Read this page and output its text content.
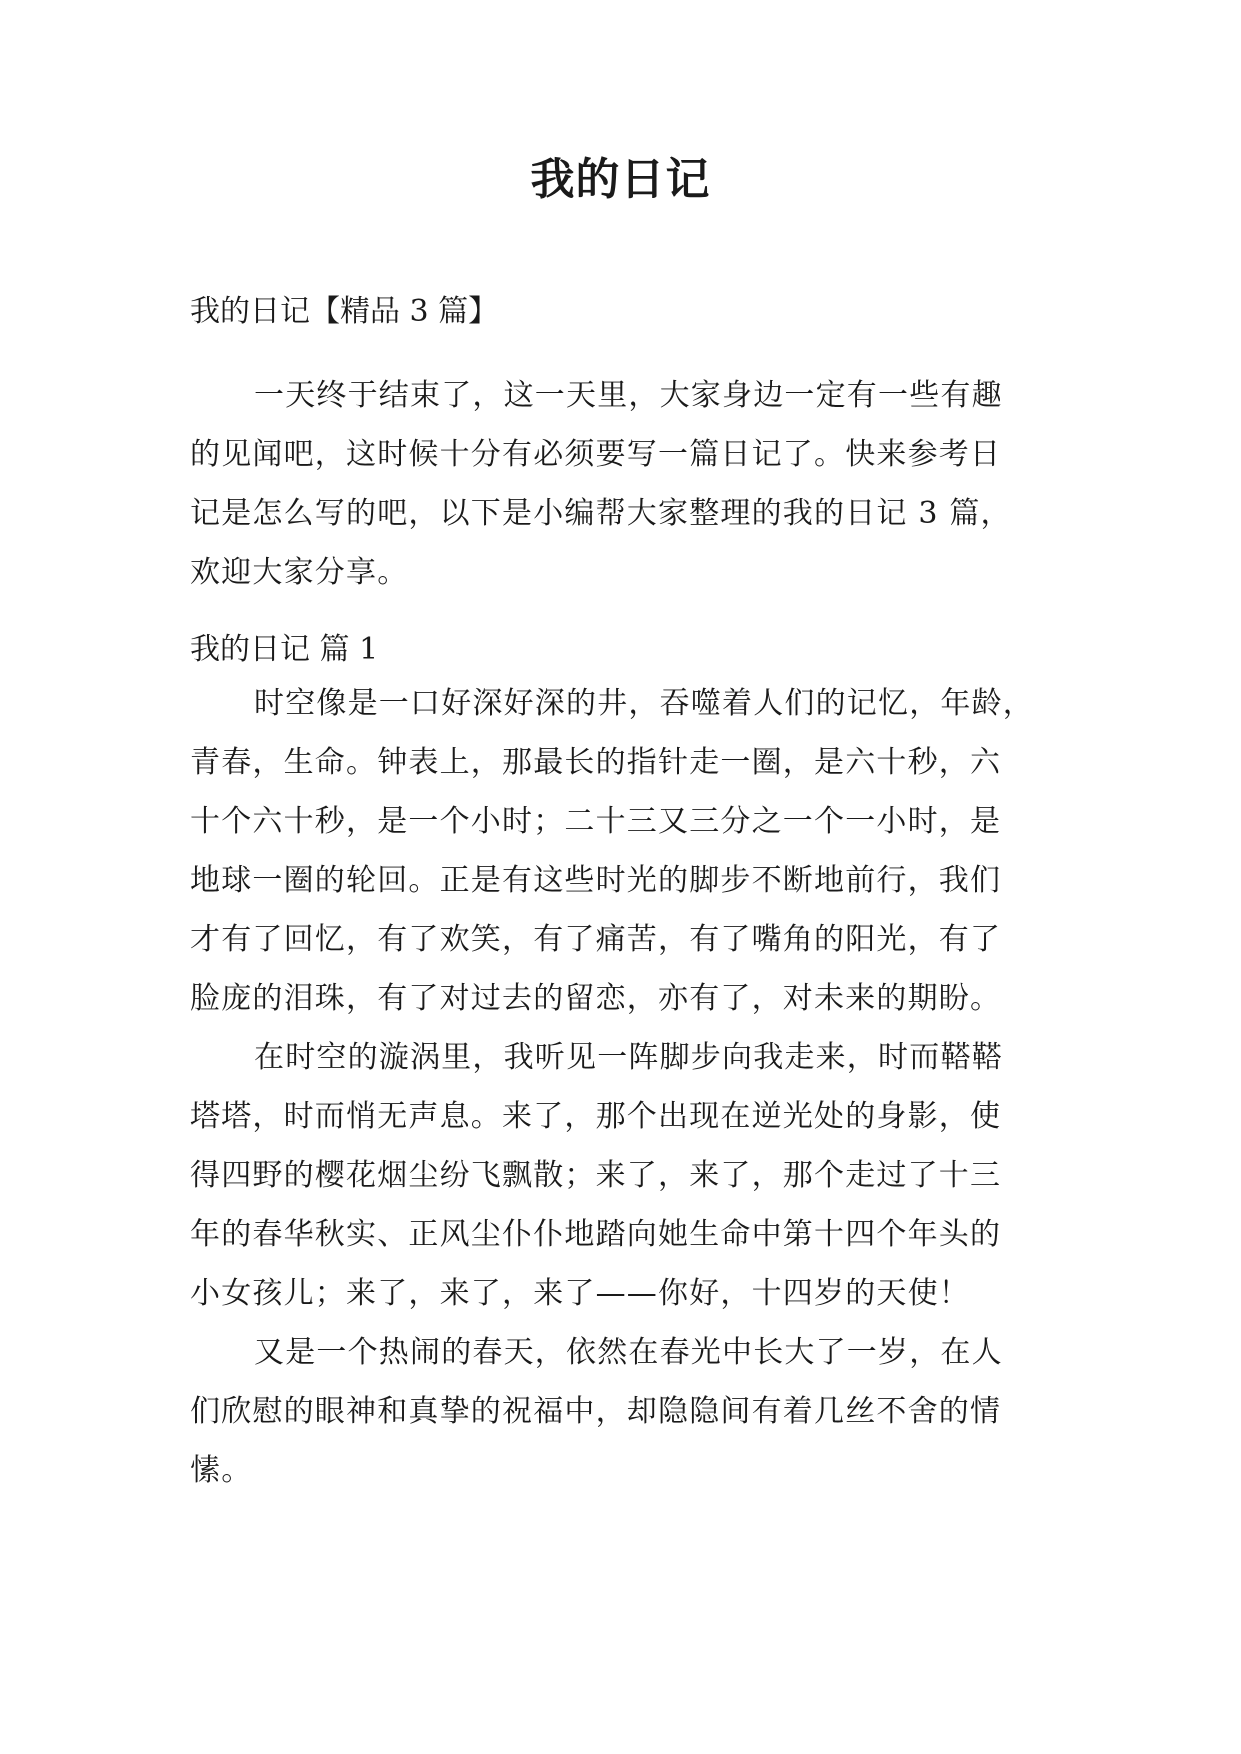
我的日记
我的日记【精品 3 篇】
一天终于结束了，这一天里，大家身边一定有一些有趣
的见闻吧，这时候十分有必须要写一篇日记了。快来参考日
记是怎么写的吧，以下是小编帮大家整理的我的日记 3 篇，
欢迎大家分享。
我的日记 篇 1
时空像是一口好深好深的井，吞噬着人们的记忆，年龄，
青春，生命。钟表上，那最长的指针走一圈，是六十秒，六
十个六十秒，是一个小时；二十三又三分之一个一小时，是
地球一圈的轮回。正是有这些时光的脚步不断地前行，我们
才有了回忆，有了欢笑，有了痛苦，有了嘴角的阳光，有了
脸庞的泪珠，有了对过去的留恋，亦有了，对未来的期盼。
在时空的漩涡里，我听见一阵脚步向我走来，时而鞳鞳
塔塔，时而悄无声息。来了，那个出现在逆光处的身影，使
得四野的樱花烟尘纷飞飘散；来了，来了，那个走过了十三
年的春华秋实、正风尘仆仆地踏向她生命中第十四个年头的
小女孩儿；来了，来了，来了——你好，十四岁的天使！
又是一个热闹的春天，依然在春光中长大了一岁，在人
们欣慰的眼神和真挚的祝福中，却隐隐间有着几丝不舍的情
愫。
